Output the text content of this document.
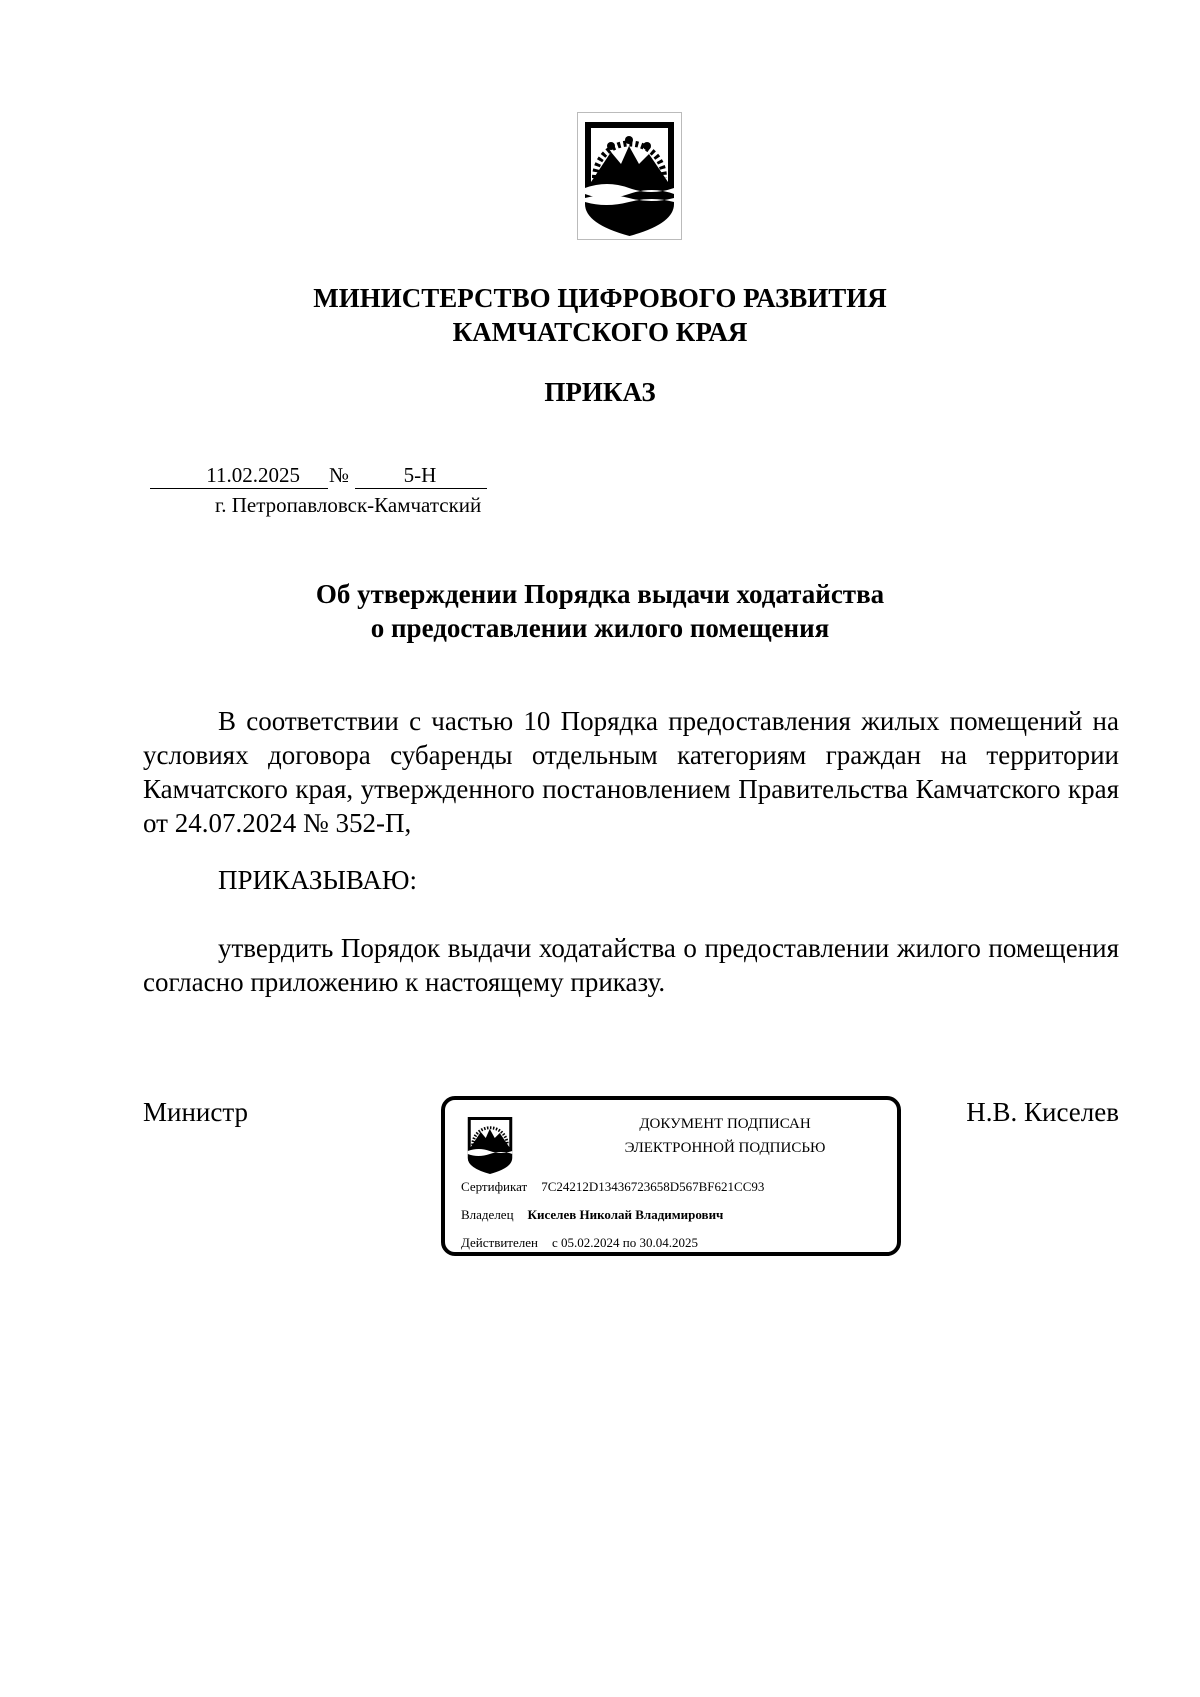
МИНИСТЕРСТВО ЦИФРОВОГО РАЗВИТИЯ
КАМЧАТСКОГО КРАЯ
ПРИКАЗ
11.02.2025 №	5-Н
г. Петропавловск-Камчатский
Об утверждении Порядка выдачи ходатайства
о предоставлении жилого помещения
В соответствии с частью 10 Порядка предоставления жилых помещений на условиях договора субаренды отдельным категориям граждан на территории Камчатского края, утвержденного постановлением Правительства Камчатского края от 24.07.2024 № 352-П,
ПРИКАЗЫВАЮ:
утвердить Порядок выдачи ходатайства о предоставлении жилого помещения согласно приложению к настоящему приказу.
Министр	Н.В. Киселев
ДОКУМЕНТ ПОДПИСАН
ЭЛЕКТРОННОЙ ПОДПИСЬЮ
Сертификат 7C24212D13436723658D567BF621CC93
Владелец Киселев Николай Владимирович
Действителен с 05.02.2024 по 30.04.2025
